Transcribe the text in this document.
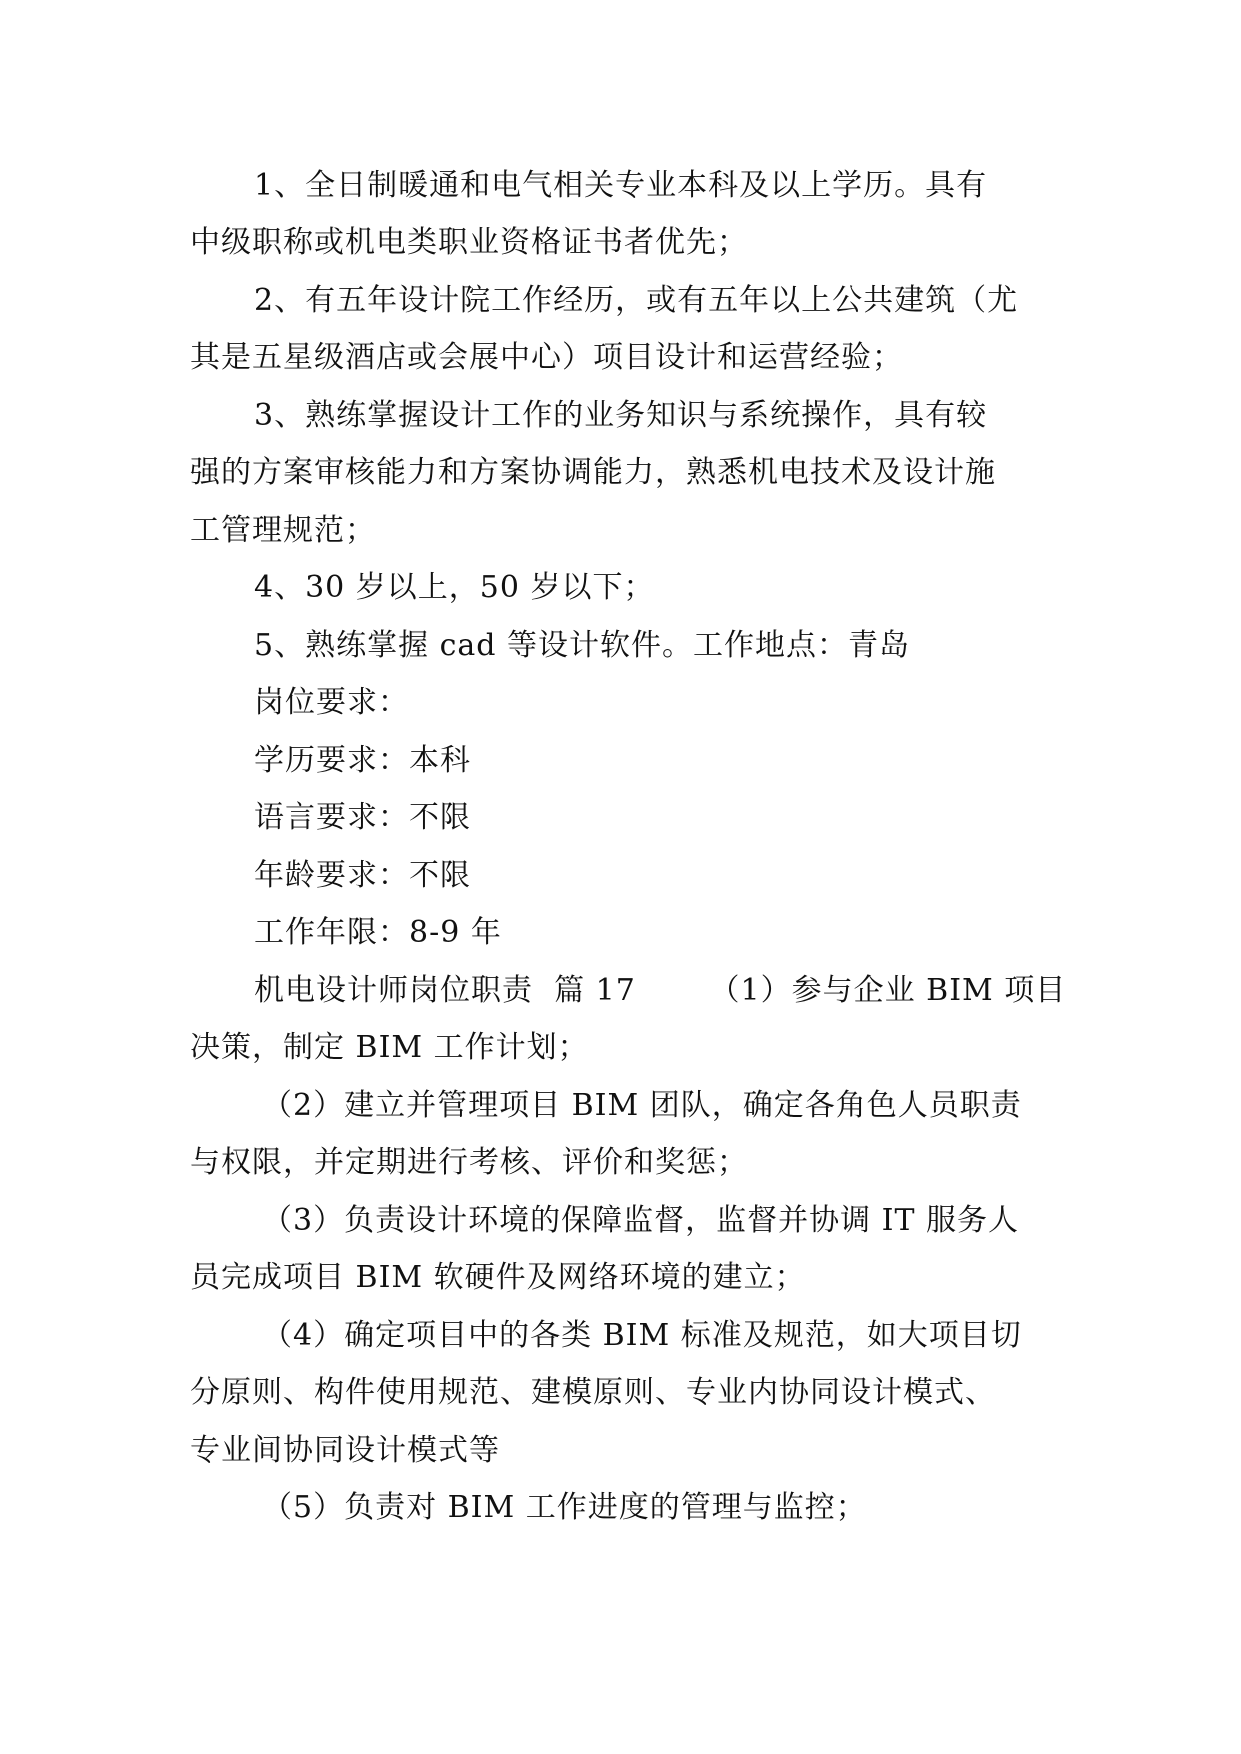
1、全日制暖通和电气相关专业本科及以上学历。具有
中级职称或机电类职业资格证书者优先；
2、有五年设计院工作经历，或有五年以上公共建筑（尤
其是五星级酒店或会展中心）项目设计和运营经验；
3、熟练掌握设计工作的业务知识与系统操作，具有较
强的方案审核能力和方案协调能力，熟悉机电技术及设计施
工管理规范；
4、30 岁以上，50 岁以下；
5、熟练掌握 cad 等设计软件。工作地点：青岛
岗位要求：
学历要求：本科
语言要求：不限
年龄要求：不限
工作年限：8-9 年
机电设计师岗位职责  篇 17       （1）参与企业 BIM 项目
决策，制定 BIM 工作计划；
（2）建立并管理项目 BIM 团队，确定各角色人员职责
与权限，并定期进行考核、评价和奖惩；
（3）负责设计环境的保障监督，监督并协调 IT 服务人
员完成项目 BIM 软硬件及网络环境的建立；
（4）确定项目中的各类 BIM 标准及规范，如大项目切
分原则、构件使用规范、建模原则、专业内协同设计模式、
专业间协同设计模式等
（5）负责对 BIM 工作进度的管理与监控；
